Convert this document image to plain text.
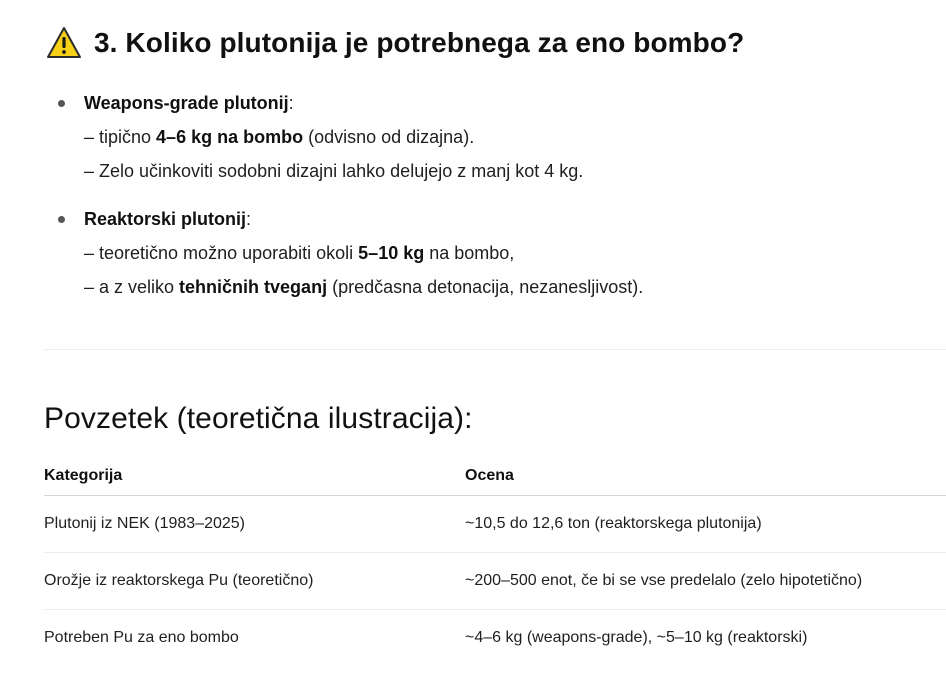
3. Koliko plutonija je potrebnega za eno bombo?
Weapons-grade plutonij:
– tipično 4–6 kg na bombo (odvisno od dizajna).
– Zelo učinkoviti sodobni dizajni lahko delujejo z manj kot 4 kg.
Reaktorski plutonij:
– teoretično možno uporabiti okoli 5–10 kg na bombo,
– a z veliko tehničnih tveganj (predčasna detonacija, nezanesljivost).
Povzetek (teoretična ilustracija):
Kategorija	Ocena
Plutonij iz NEK (1983–2025)	~10,5 do 12,6 ton (reaktorskega plutonija)
Orožje iz reaktorskega Pu (teoretično)	~200–500 enot, če bi se vse predelalo (zelo hipotetično)
Potreben Pu za eno bombo	~4–6 kg (weapons-grade), ~5–10 kg (reaktorski)
